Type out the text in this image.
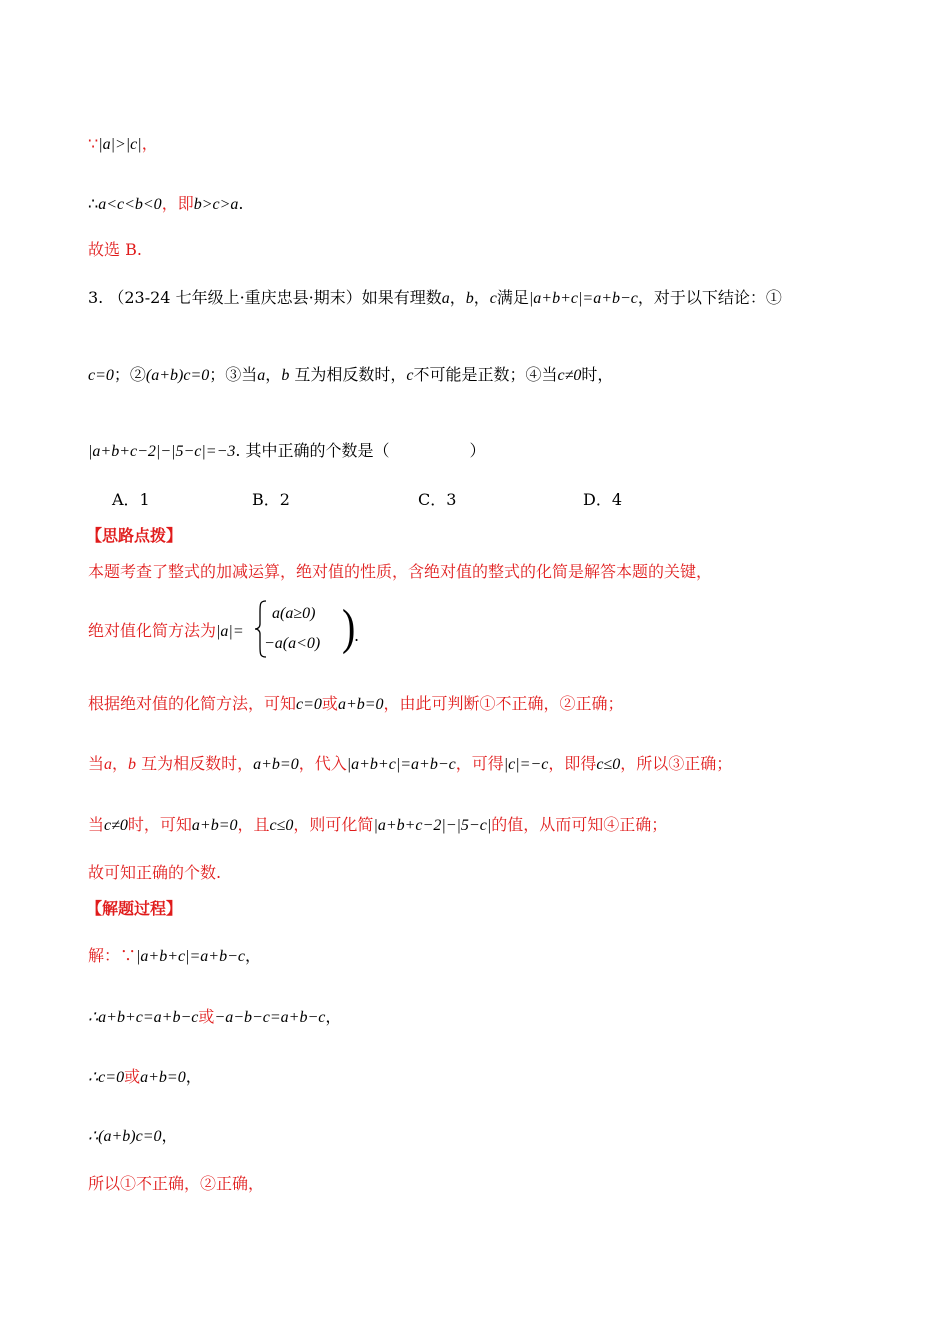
∵|a|>|c|，
∴a<c<b<0，即b>c>a.
故选 B.
3. （23-24 七年级上·重庆忠县·期末）如果有理数a，b，c满足|a+b+c|=a+b−c，对于以下结论：①
c=0；②(a+b)c=0；③当a，b 互为相反数时，c不可能是正数；④当c≠0时，
|a+b+c−2|−|5−c|=−3. 其中正确的个数是（　　　　　）
A．1	B．2	C．3	D．4
【思路点拨】
本题考查了整式的加减运算，绝对值的性质，含绝对值的整式的化简是解答本题的关键，
绝对值化简方法为|a|=
a(a≥0)
−a(a<0) )
.
根据绝对值的化简方法，可知c=0或a+b=0，由此可判断①不正确，②正确；
当a，b 互为相反数时，a+b=0，代入|a+b+c|=a+b−c，可得|c|=−c，即得c≤0，所以③正确；
当c≠0时，可知a+b=0，且c≤0，则可化简|a+b+c−2|−|5−c|的值，从而可知④正确；
故可知正确的个数.
【解题过程】
解：∵|a+b+c|=a+b−c，
∴a+b+c=a+b−c或−a−b−c=a+b−c，
∴c=0或a+b=0，
∴(a+b)c=0，
所以①不正确，②正确，
